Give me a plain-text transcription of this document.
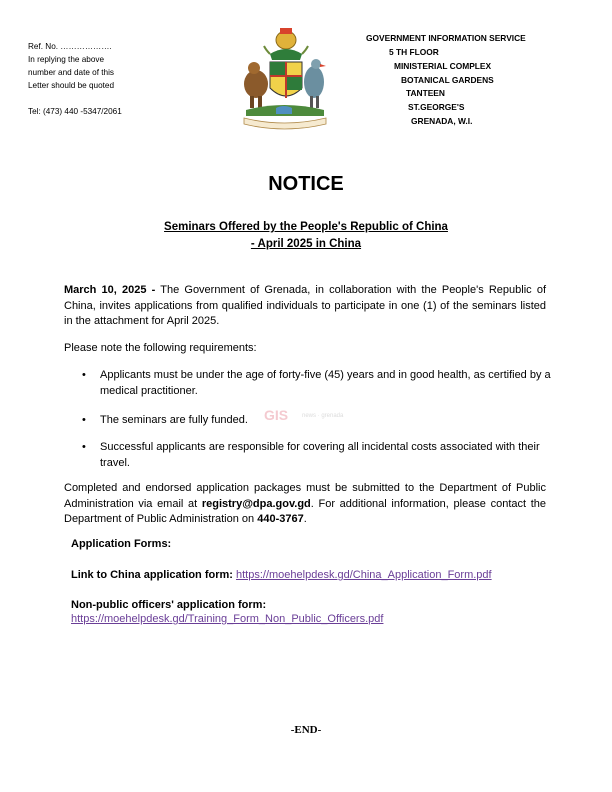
Ref. No. ……………….
In replying the above
number and date of this
Letter should be quoted
Tel: (473) 440 -5347/2061
GOVERNMENT INFORMATION SERVICE
5 TH FLOOR
MINISTERIAL COMPLEX
BOTANICAL GARDENS
TANTEEN
ST.GEORGE'S
GRENADA, W.I.
NOTICE
Seminars Offered by the People's Republic of China
- April 2025 in China
March 10, 2025 - The Government of Grenada, in collaboration with the People's Republic of China, invites applications from qualified individuals to participate in one (1) of the seminars listed in the attachment for April 2025.
Please note the following requirements:
• Applicants must be under the age of forty-five (45) years and in good health, as certified by a medical practitioner.
• The seminars are fully funded.
• Successful applicants are responsible for covering all incidental costs associated with their travel.
GIS news · grenada
Completed and endorsed application packages must be submitted to the Department of Public Administration via email at registry@dpa.gov.gd. For additional information, please contact the Department of Public Administration on 440-3767.
Application Forms:
Link to China application form: https://moehelpdesk.gd/China_Application_Form.pdf
Non-public officers' application form:
https://moehelpdesk.gd/Training_Form_Non_Public_Officers.pdf
-END-
